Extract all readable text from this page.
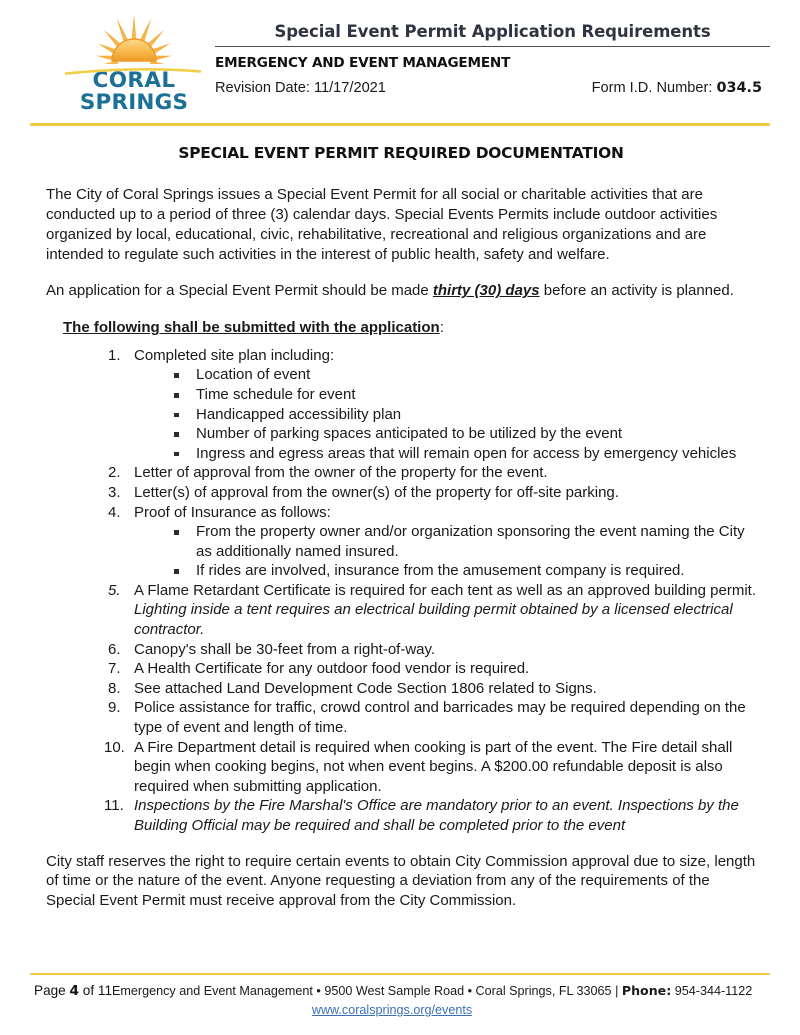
CORAL
SPRINGS
Special Event Permit Application Requirements
EMERGENCY AND EVENT MANAGEMENT
Revision Date: 11/17/2021	Form I.D. Number: 034.5
SPECIAL EVENT PERMIT REQUIRED DOCUMENTATION

The City of Coral Springs issues a Special Event Permit for all social or charitable activities that are conducted up to a period of three (3) calendar days. Special Events Permits include outdoor activities organized by local, educational, civic, rehabilitative, recreational and religious organizations and are intended to regulate such activities in the interest of public health, safety and welfare.

An application for a Special Event Permit should be made thirty (30) days before an activity is planned.

The following shall be submitted with the application:

1. Completed site plan including:
Location of event
Time schedule for event
Handicapped accessibility plan
Number of parking spaces anticipated to be utilized by the event
Ingress and egress areas that will remain open for access by emergency vehicles
2. Letter of approval from the owner of the property for the event.
3. Letter(s) of approval from the owner(s) of the property for off-site parking.
4. Proof of Insurance as follows:
From the property owner and/or organization sponsoring the event naming the City as additionally named insured.
If rides are involved, insurance from the amusement company is required.
5. A Flame Retardant Certificate is required for each tent as well as an approved building permit. Lighting inside a tent requires an electrical building permit obtained by a licensed electrical contractor.
6. Canopy's shall be 30-feet from a right-of-way.
7. A Health Certificate for any outdoor food vendor is required.
8. See attached Land Development Code Section 1806 related to Signs.
9. Police assistance for traffic, crowd control and barricades may be required depending on the type of event and length of time.
10. A Fire Department detail is required when cooking is part of the event. The Fire detail shall begin when cooking begins, not when event begins. A $200.00 refundable deposit is also required when submitting application.
11. Inspections by the Fire Marshal's Office are mandatory prior to an event. Inspections by the Building Official may be required and shall be completed prior to the event

City staff reserves the right to require certain events to obtain City Commission approval due to size, length of time or the nature of the event. Anyone requesting a deviation from any of the requirements of the Special Event Permit must receive approval from the City Commission.

Page 4 of 11 Emergency and Event Management • 9500 West Sample Road • Coral Springs, FL 33065 | Phone: 954-344-1122
www.coralsprings.org/events
